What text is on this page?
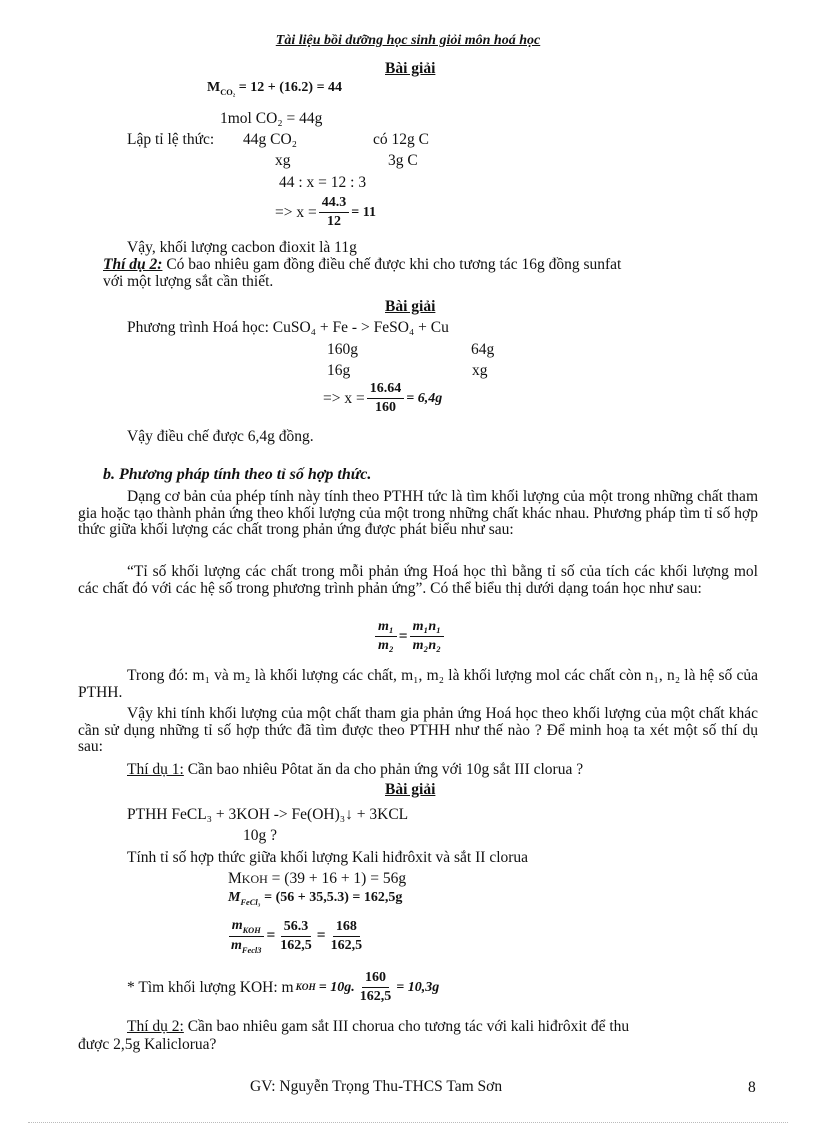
Tài liệu bồi dưỡng học sinh giỏi môn hoá học
Bài giải
$M_{CO_2} = 12 + (16.2) = 44$
1mol CO₂ = 44g
Lập tỉ lệ thức: 44g CO₂	có 12g C
xg	3g C
44 : x = 12 : 3
=> $x = \frac{44.3}{12} = 11$
Vậy, khối lượng cacbon đioxit là 11g
Thí dụ 2: Có bao nhiêu gam đồng điều chế được khi cho tương tác 16g đồng sunfat
với một lượng sắt cần thiết.
Bài giải
Phương trình Hoá học: CuSO₄ + Fe - > FeSO₄ + Cu
160g	64g
16g	xg
=> $x = \frac{16.64}{160} = 6,4g$
Vậy điều chế được 6,4g đồng.
b. Phương pháp tính theo tỉ số hợp thức.
Dạng cơ bản của phép tính này tính theo PTHH tức là tìm khối lượng của một trong những chất tham gia hoặc tạo thành phản ứng theo khối lượng của một trong những chất khác nhau. Phương pháp tìm tỉ số hợp thức giữa khối lượng các chất trong phản ứng được phát biểu như sau:
“Tỉ số khối lượng các chất trong mỗi phản ứng Hoá học thì bằng tỉ số của tích các khối lượng mol các chất đó với các hệ số trong phương trình phản ứng”. Có thể biểu thị dưới dạng toán học như sau:
$\frac{\text{m₁}}{\text{m₂}} = \frac{\text{m₁n₁}}{\text{m₂n₂}}$
Trong đó: m₁ và m₂ là khối lượng các chất, m₁, m₂ là khối lượng mol các chất còn n₁, n₂ là hệ số của PTHH.
Vậy khi tính khối lượng của một chất tham gia phản ứng Hoá học theo khối lượng của một chất khác cần sử dụng những tỉ số hợp thức đã tìm được theo PTHH như thế nào ? Để minh hoạ ta xét một số thí dụ sau:
Thí dụ 1: Cần bao nhiêu Pôtat ăn da cho phản ứng với 10g sắt III clorua ?
Bài giải
PTHH FeCL₃ + 3KOH -> Fe(OH)₃↓ + 3KCL
10g ?
Tính tỉ số hợp thức giữa khối lượng Kali hiđrôxit và sắt II clorua
MKOH = (39 + 16 + 1) = 56g
$M_{FeCl_3} = (56 + 35,5.3) = 162,5g$
$m_{KOH}$
$m_{Fecl3}$
= $\frac{56.3}{162,5} = \frac{168}{162,5}$
* Tìm khối lượng KOH: m KOH = 10g. $\frac{160}{162,5} = 10,3g$
Thí dụ 2: Cần bao nhiêu gam sắt III chorua cho tương tác với kali hiđrôxit để thu
được 2,5g Kaliclorua?
GV: Nguyễn Trọng Thu-THCS Tam Sơn	8
